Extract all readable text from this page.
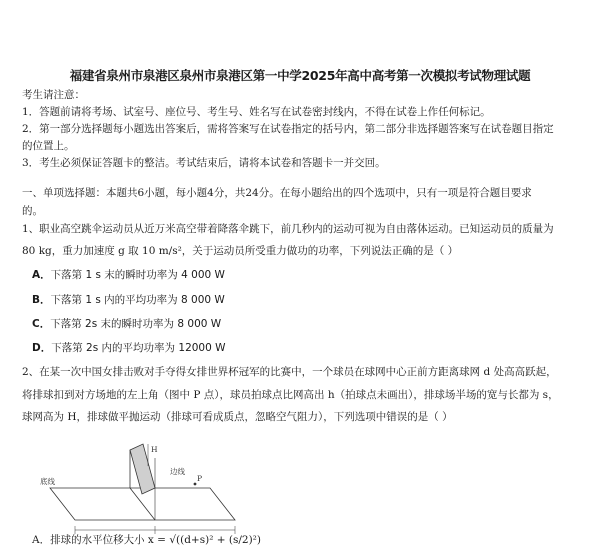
福建省泉州市泉港区泉州市泉港区第一中学2025年高中高考第一次模拟考试物理试题
考生请注意：
1．答题前请将考场、试室号、座位号、考生号、姓名写在试卷密封线内，不得在试卷上作任何标记。
2．第一部分选择题每小题选出答案后，需将答案写在试卷指定的括号内，第二部分非选择题答案写在试卷题目指定
的位置上。
3．考生必须保证答题卡的整洁。考试结束后，请将本试卷和答题卡一并交回。
一、单项选择题：本题共6小题，每小题4分，共24分。在每小题给出的四个选项中，只有一项是符合题目要求
的。
1、职业高空跳伞运动员从近万米高空带着降落伞跳下，前几秒内的运动可视为自由落体运动。已知运动员的质量为
80 kg，重力加速度 g 取 10 m/s²，关于运动员所受重力做功的功率，下列说法正确的是（ ）
A．下落第 1 s 末的瞬时功率为 4 000 W
B．下落第 1 s 内的平均功率为 8 000 W
C．下落第 2s 末的瞬时功率为 8 000 W
D．下落第 2s 内的平均功率为 12000 W
2、在某一次中国女排击败对手夺得女排世界杯冠军的比赛中，一个球员在球网中心正前方距离球网 d 处高高跃起，
将排球扣到对方场地的左上角（图中 P 点），球员拍球点比网高出 h（拍球点未画出），排球场半场的宽与长都为 s，
球网高为 H，排球做平抛运动（排球可看成质点，忽略空气阻力），下列选项中错误的是（ ）
H
P
边线
底线
A．排球的水平位移大小 x = √((d+s)² + (s/2)²)
